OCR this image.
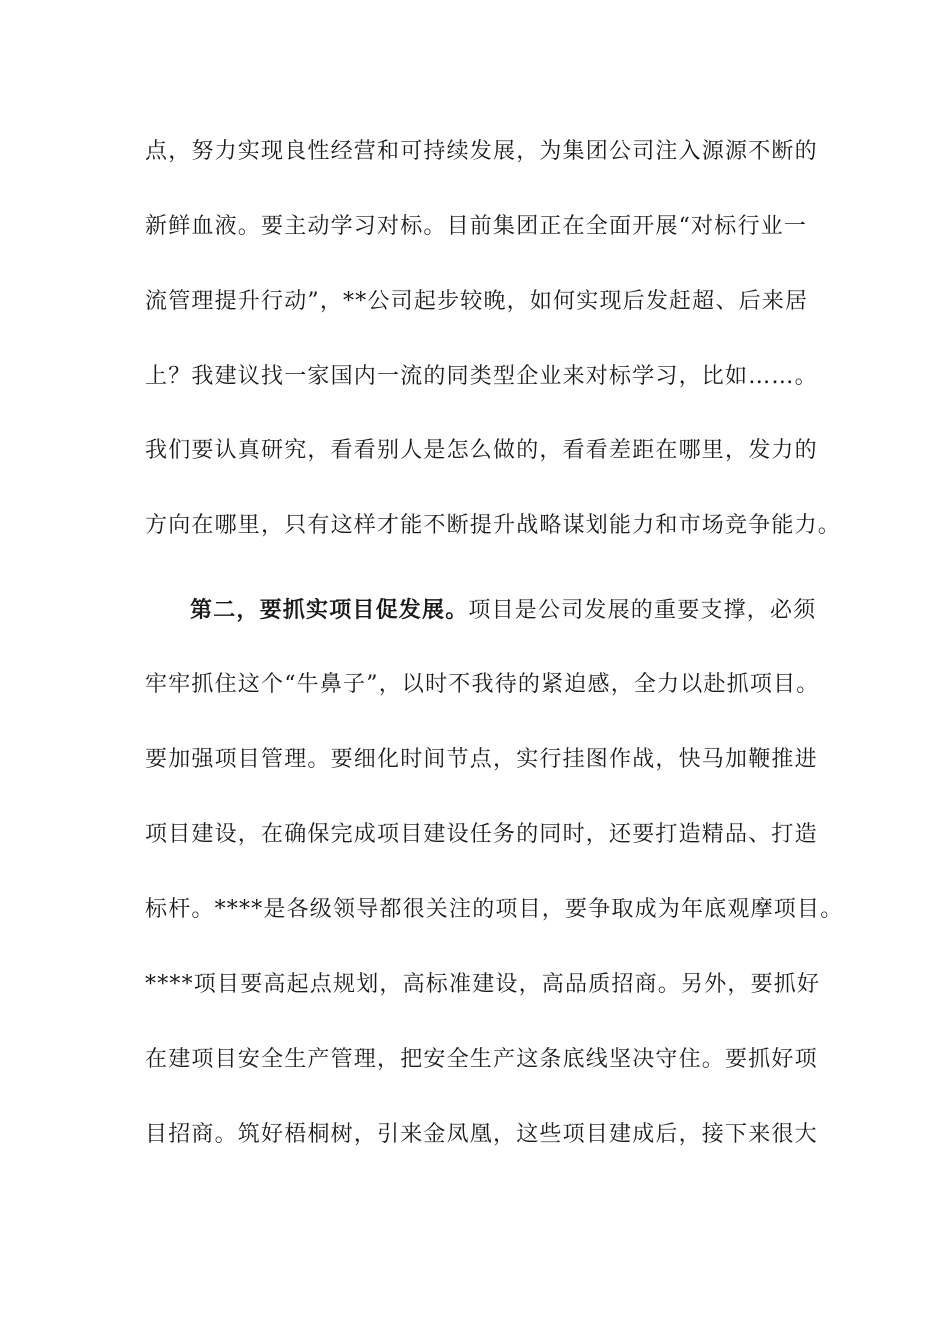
点，努力实现良性经营和可持续发展，为集团公司注入源源不断的
新鲜血液。要主动学习对标。目前集团正在全面开展“对标行业一
流管理提升行动”，**公司起步较晚，如何实现后发赶超、后来居
上？我建议找一家国内一流的同类型企业来对标学习，比如……。
我们要认真研究，看看别人是怎么做的，看看差距在哪里，发力的
方向在哪里，只有这样才能不断提升战略谋划能力和市场竞争能力。
第二，要抓实项目促发展。项目是公司发展的重要支撑，必须
牢牢抓住这个“牛鼻子”，以时不我待的紧迫感，全力以赴抓项目。
要加强项目管理。要细化时间节点，实行挂图作战，快马加鞭推进
项目建设，在确保完成项目建设任务的同时，还要打造精品、打造
标杆。****是各级领导都很关注的项目，要争取成为年底观摩项目。
****项目要高起点规划，高标准建设，高品质招商。另外，要抓好
在建项目安全生产管理，把安全生产这条底线坚决守住。要抓好项
目招商。筑好梧桐树，引来金凤凰，这些项目建成后，接下来很大
